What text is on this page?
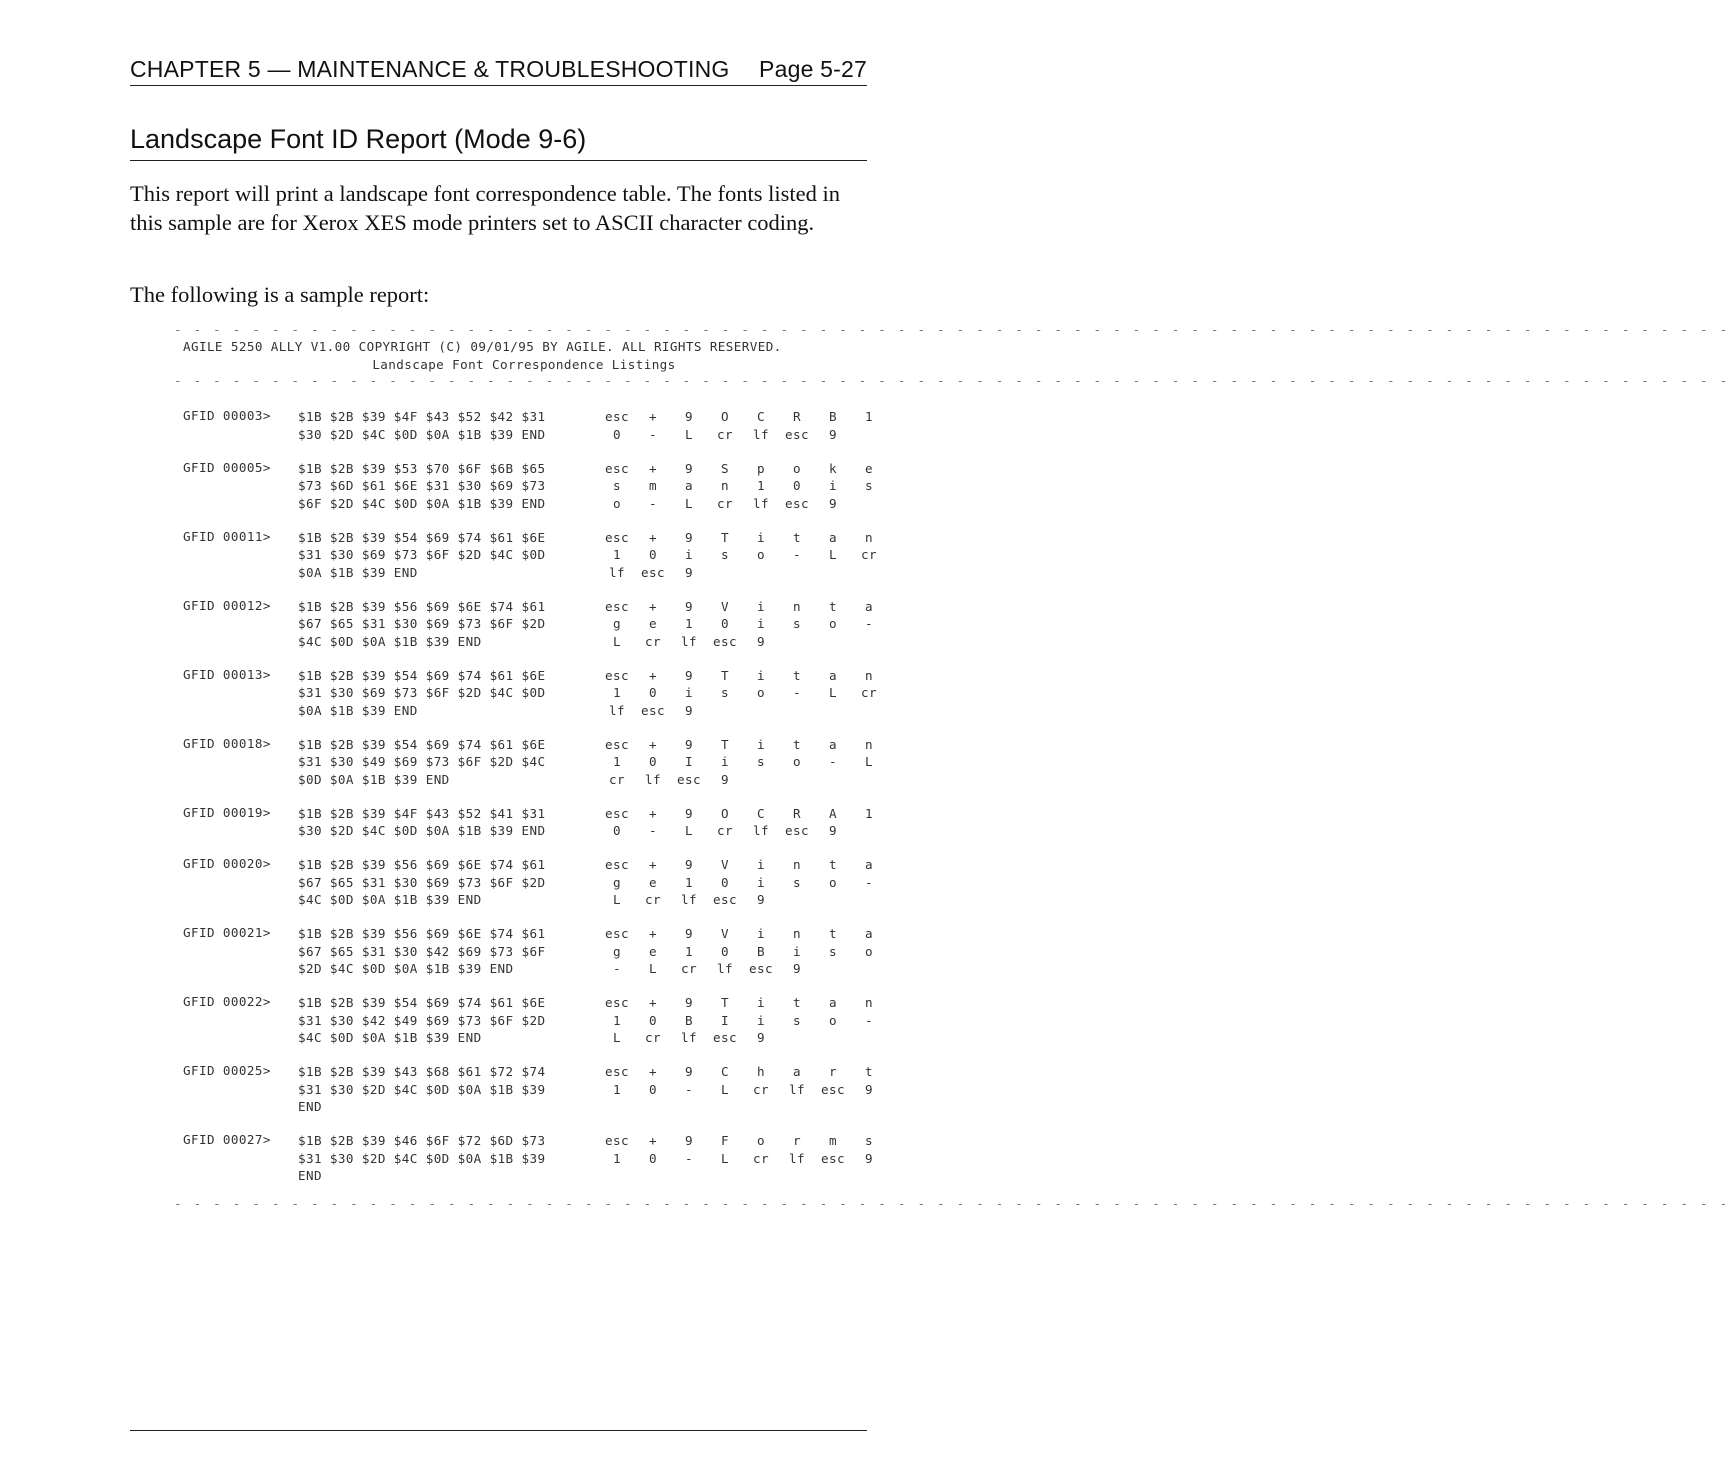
CHAPTER 5 — MAINTENANCE & TROUBLESHOOTING Page 5-27
Landscape Font ID Report (Mode 9-6)

This report will print a landscape font correspondence table. The fonts listed in this sample are for Xerox XES mode printers set to ASCII character coding.

The following is a sample report:

- - - - - - - - - - - - - - - - - - - - - - - - - - - - - - - - - - - - - - - - - - - - - - - - - - - - - - - - - - - - - - - - - - - - - - - - - - - - - - - -
AGILE 5250 ALLY V1.00 COPYRIGHT (C) 09/01/95 BY AGILE. ALL RIGHTS RESERVED.
Landscape Font Correspondence Listings
- - - - - - - - - - - - - - - - - - - - - - - - - - - - - - - - - - - - - - - - - - - - - - - - - - - - - - - - - - - - - - - - - - - - - - - - - - - - - - - -
GFID 00003>	$1B $2B $39 $4F $43 $52 $42 $31	esc	+	9	O	C	R	B	1
$30 $2D $4C $0D $0A $1B $39 END	0	-	L	cr	lf	esc	9
GFID 00005>	$1B $2B $39 $53 $70 $6F $6B $65	esc	+	9	S	p	o	k	e
$73 $6D $61 $6E $31 $30 $69 $73	s	m	a	n	1	0	i	s
$6F $2D $4C $0D $0A $1B $39 END	o	-	L	cr	lf	esc	9
GFID 00011>	$1B $2B $39 $54 $69 $74 $61 $6E	esc	+	9	T	i	t	a	n
$31 $30 $69 $73 $6F $2D $4C $0D	1	0	i	s	o	-	L	cr
$0A $1B $39 END	lf	esc	9
GFID 00012>	$1B $2B $39 $56 $69 $6E $74 $61	esc	+	9	V	i	n	t	a
$67 $65 $31 $30 $69 $73 $6F $2D	g	e	1	0	i	s	o	-
$4C $0D $0A $1B $39 END	L	cr	lf	esc	9
GFID 00013>	$1B $2B $39 $54 $69 $74 $61 $6E	esc	+	9	T	i	t	a	n
$31 $30 $69 $73 $6F $2D $4C $0D	1	0	i	s	o	-	L	cr
$0A $1B $39 END	lf	esc	9
GFID 00018>	$1B $2B $39 $54 $69 $74 $61 $6E	esc	+	9	T	i	t	a	n
$31 $30 $49 $69 $73 $6F $2D $4C	1	0	I	i	s	o	-	L
$0D $0A $1B $39 END	cr	lf	esc	9
GFID 00019>	$1B $2B $39 $4F $43 $52 $41 $31	esc	+	9	O	C	R	A	1
$30 $2D $4C $0D $0A $1B $39 END	0	-	L	cr	lf	esc	9
GFID 00020>	$1B $2B $39 $56 $69 $6E $74 $61	esc	+	9	V	i	n	t	a
$67 $65 $31 $30 $69 $73 $6F $2D	g	e	1	0	i	s	o	-
$4C $0D $0A $1B $39 END	L	cr	lf	esc	9
GFID 00021>	$1B $2B $39 $56 $69 $6E $74 $61	esc	+	9	V	i	n	t	a
$67 $65 $31 $30 $42 $69 $73 $6F	g	e	1	0	B	i	s	o
$2D $4C $0D $0A $1B $39 END	-	L	cr	lf	esc	9
GFID 00022>	$1B $2B $39 $54 $69 $74 $61 $6E	esc	+	9	T	i	t	a	n
$31 $30 $42 $49 $69 $73 $6F $2D	1	0	B	I	i	s	o	-
$4C $0D $0A $1B $39 END	L	cr	lf	esc	9
GFID 00025>	$1B $2B $39 $43 $68 $61 $72 $74	esc	+	9	C	h	a	r	t
$31 $30 $2D $4C $0D $0A $1B $39	1	0	-	L	cr	lf	esc	9
END
GFID 00027>	$1B $2B $39 $46 $6F $72 $6D $73	esc	+	9	F	o	r	m	s
$31 $30 $2D $4C $0D $0A $1B $39	1	0	-	L	cr	lf	esc	9
END
- - - - - - - - - - - - - - - - - - - - - - - - - - - - - - - - - - - - - - - - - - - - - - - - - - - - - - - - - - - - - - - - - - - - - - - - - - - - - - - -
